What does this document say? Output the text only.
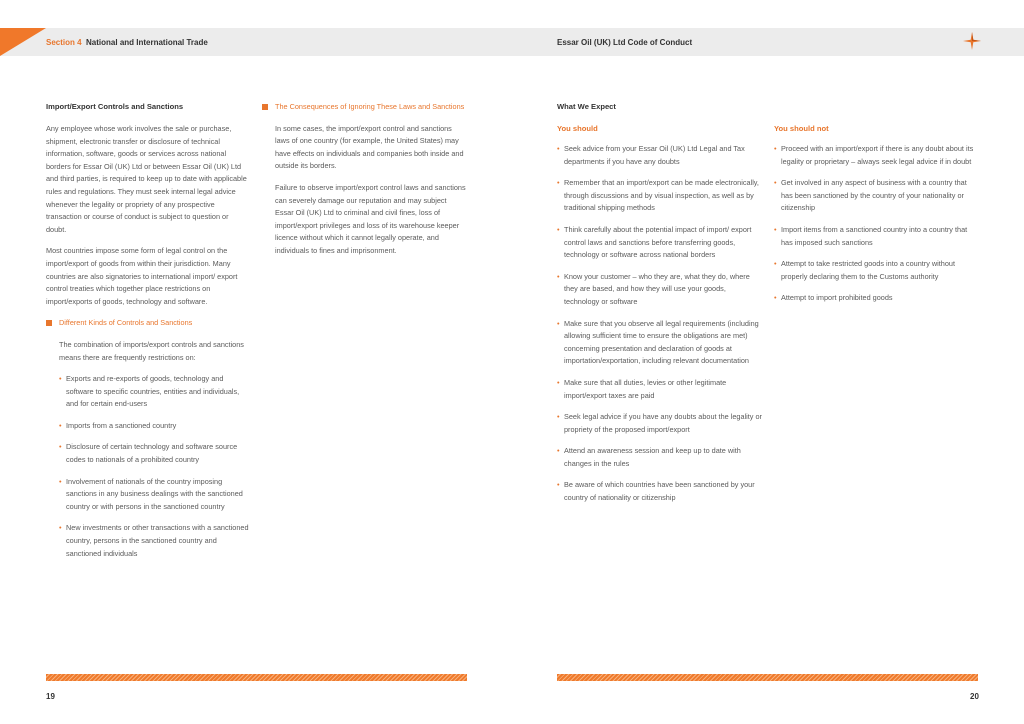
Section 4 National and International Trade	Essar Oil (UK) Ltd Code of Conduct
Import/Export Controls and Sanctions

Any employee whose work involves the sale or purchase, shipment, electronic transfer or disclosure of technical information, software, goods or services across national borders for Essar Oil (UK) Ltd or between Essar Oil (UK) Ltd and third parties, is required to keep up to date with applicable rules and regulations. They must seek internal legal advice whenever the legality or propriety of any prospective transaction or course of conduct is subject to question or doubt.

Most countries impose some form of legal control on the import/export of goods from within their jurisdiction. Many countries are also signatories to international import/ export control treaties which together place restrictions on import/exports of goods, technology and software.

Different Kinds of Controls and Sanctions

The combination of imports/export controls and sanctions means there are frequently restrictions on:

• Exports and re-exports of goods, technology and software to specific countries, entities and individuals, and for certain end-users
• Imports from a sanctioned country
• Disclosure of certain technology and software source codes to nationals of a prohibited country
• Involvement of nationals of the country imposing sanctions in any business dealings with the sanctioned country or with persons in the sanctioned country
• New investments or other transactions with a sanctioned country, persons in the sanctioned country and sanctioned individuals
The Consequences of Ignoring These Laws and Sanctions

In some cases, the import/export control and sanctions laws of one country (for example, the United States) may have effects on individuals and companies both inside and outside its borders.

Failure to observe import/export control laws and sanctions can severely damage our reputation and may subject Essar Oil (UK) Ltd to criminal and civil fines, loss of import/export privileges and loss of its warehouse keeper licence without which it cannot legally operate, and individuals to fines and imprisonment.

What We Expect
You should
• Seek advice from your Essar Oil (UK) Ltd Legal and Tax departments if you have any doubts
• Remember that an import/export can be made electronically, through discussions and by visual inspection, as well as by traditional shipping methods
• Think carefully about the potential impact of import/ export control laws and sanctions before transferring goods, technology or software across national borders
• Know your customer – who they are, what they do, where they are based, and how they will use your goods, technology or software
• Make sure that you observe all legal requirements (including allowing sufficient time to ensure the obligations are met) concerning presentation and declaration of goods at importation/exportation, including relevant documentation
• Make sure that all duties, levies or other legitimate import/export taxes are paid
• Seek legal advice if you have any doubts about the legality or propriety of the proposed import/export
• Attend an awareness session and keep up to date with changes in the rules
• Be aware of which countries have been sanctioned by your country of nationality or citizenship
You should not
• Proceed with an import/export if there is any doubt about its legality or proprietary – always seek legal advice if in doubt
• Get involved in any aspect of business with a country that has been sanctioned by the country of your nationality or citizenship
• Import items from a sanctioned country into a country that has imposed such sanctions
• Attempt to take restricted goods into a country without properly declaring them to the Customs authority
• Attempt to import prohibited goods
19	20
